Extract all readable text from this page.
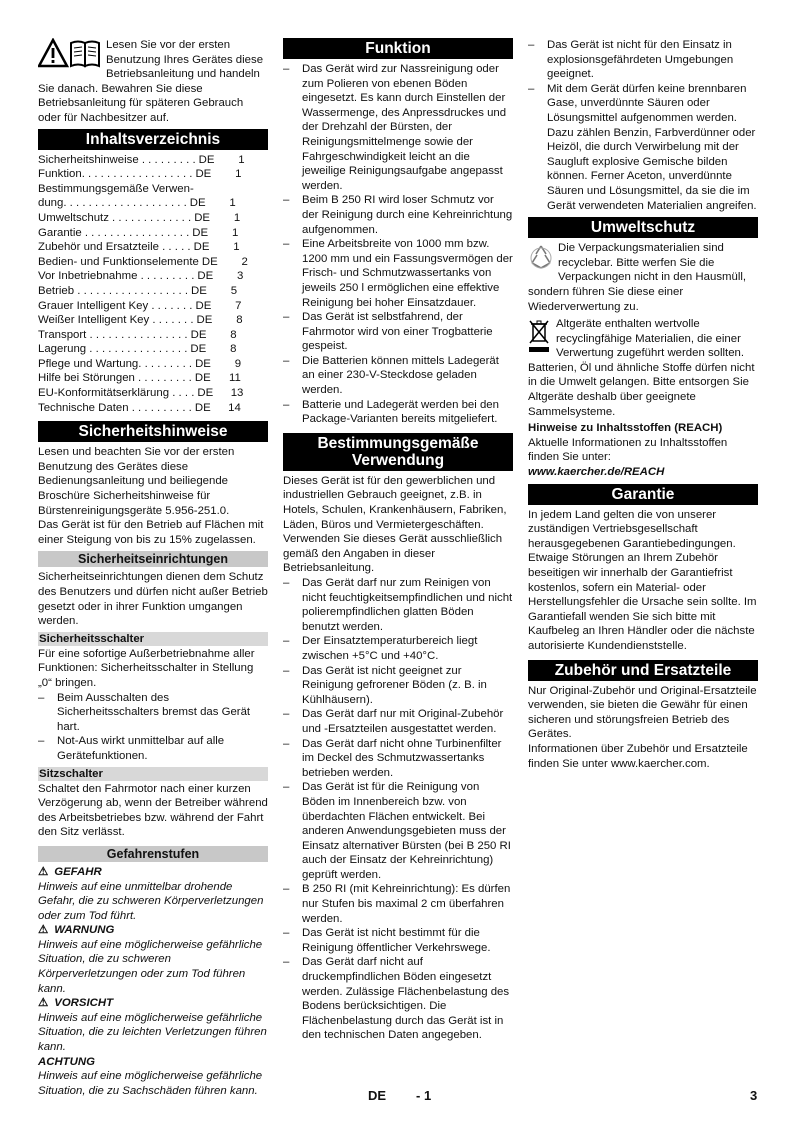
Lesen Sie vor der ersten Benutzung Ihres Gerätes diese Betriebsanleitung und handeln Sie danach. Bewahren Sie diese Betriebsanleitung für späteren Gebrauch oder für Nachbesitzer auf.

Inhaltsverzeichnis
Sicherheitshinweise . . . . . . . . . DE	1
Funktion. . . . . . . . . . . . . . . . . . DE	1
Bestimmungsgemäße Verwen-
dung. . . . . . . . . . . . . . . . . . . . DE	1
Umweltschutz . . . . . . . . . . . . . DE	1
Garantie . . . . . . . . . . . . . . . . . DE	1
Zubehör und Ersatzteile . . . . . DE	1
Bedien- und Funktionselemente DE	2
Vor Inbetriebnahme . . . . . . . . . DE	3
Betrieb . . . . . . . . . . . . . . . . . . DE	5
Grauer Intelligent Key . . . . . . . DE	7
Weißer Intelligent Key . . . . . . . DE	8
Transport . . . . . . . . . . . . . . . . DE	8
Lagerung . . . . . . . . . . . . . . . . DE	8
Pflege und Wartung. . . . . . . . . DE	9
Hilfe bei Störungen . . . . . . . . . DE	11
EU-Konformitätserklärung . . . . DE	13
Technische Daten . . . . . . . . . . DE	14
Sicherheitshinweise

Lesen und beachten Sie vor der ersten Benutzung des Gerätes diese Bedienungsanleitung und beiliegende Broschüre Sicherheitshinweise für Bürstenreinigungsgeräte 5.956-251.0.

Das Gerät ist für den Betrieb auf Flächen mit einer Steigung von bis zu 15% zugelassen.

Sicherheitseinrichtungen

Sicherheitseinrichtungen dienen dem Schutz des Benutzers und dürfen nicht außer Betrieb gesetzt oder in ihrer Funktion umgangen werden.

Sicherheitsschalter

Für eine sofortige Außerbetriebnahme aller Funktionen: Sicherheitsschalter in Stellung „0“ bringen.

– Beim Ausschalten des Sicherheitsschalters bremst das Gerät hart.
– Not-Aus wirkt unmittelbar auf alle Gerätefunktionen.
Sitzschalter

Schaltet den Fahrmotor nach einer kurzen Verzögerung ab, wenn der Betreiber während des Arbeitsbetriebes bzw. während der Fahrt den Sitz verlässt.

Gefahrenstufen
⚠ GEFAHR

Hinweis auf eine unmittelbar drohende Gefahr, die zu schweren Körperverletzungen oder zum Tod führt.

⚠ WARNUNG

Hinweis auf eine möglicherweise gefährliche Situation, die zu schweren Körperverletzungen oder zum Tod führen kann.

⚠ VORSICHT

Hinweis auf eine möglicherweise gefährliche Situation, die zu leichten Verletzungen führen kann.

ACHTUNG

Hinweis auf eine möglicherweise gefährliche Situation, die zu Sachschäden führen kann.

Funktion
– Das Gerät wird zur Nassreinigung oder zum Polieren von ebenen Böden eingesetzt. Es kann durch Einstellen der Wassermenge, des Anpressdruckes und der Drehzahl der Bürsten, der Reinigungsmittelmenge sowie der Fahrgeschwindigkeit leicht an die jeweilige Reinigungsaufgabe angepasst werden.
– Beim B 250 RI wird loser Schmutz vor der Reinigung durch eine Kehreinrichtung aufgenommen.
– Eine Arbeitsbreite von 1000 mm bzw. 1200 mm und ein Fassungsvermögen der Frisch- und Schmutzwassertanks von jeweils 250 l ermöglichen eine effektive Reinigung bei hoher Einsatzdauer.
– Das Gerät ist selbstfahrend, der Fahrmotor wird von einer Trogbatterie gespeist.
– Die Batterien können mittels Ladegerät an einer 230-V-Steckdose geladen werden.
– Batterie und Ladegerät werden bei den Package-Varianten bereits mitgeliefert.
Bestimmungsgemäße
Verwendung

Dieses Gerät ist für den gewerblichen und industriellen Gebrauch geeignet, z.B. in Hotels, Schulen, Krankenhäusern, Fabriken, Läden, Büros und Vermietergeschäften.

Verwenden Sie dieses Gerät ausschließlich gemäß den Angaben in dieser Betriebsanleitung.

– Das Gerät darf nur zum Reinigen von nicht feuchtigkeitsempfindlichen und nicht polierempfindlichen glatten Böden benutzt werden.
– Der Einsatztemperaturbereich liegt zwischen +5°C und +40°C.
– Das Gerät ist nicht geeignet zur Reinigung gefrorener Böden (z. B. in Kühlhäusern).
– Das Gerät darf nur mit Original-Zubehör und -Ersatzteilen ausgestattet werden.
– Das Gerät darf nicht ohne Turbinenfilter im Deckel des Schmutzwassertanks betrieben werden.
– Das Gerät ist für die Reinigung von Böden im Innenbereich bzw. von überdachten Flächen entwickelt. Bei anderen Anwendungsgebieten muss der Einsatz alternativer Bürsten (bei B 250 RI auch der Einsatz der Kehreinrichtung) geprüft werden.
– B 250 RI (mit Kehreinrichtung): Es dürfen nur Stufen bis maximal 2 cm überfahren werden.
– Das Gerät ist nicht bestimmt für die Reinigung öffentlicher Verkehrswege.
– Das Gerät darf nicht auf druckempfindlichen Böden eingesetzt werden. Zulässige Flächenbelastung des Bodens berücksichtigen. Die Flächenbelastung durch das Gerät ist in den technischen Daten angegeben.
– Das Gerät ist nicht für den Einsatz in explosionsgefährdeten Umgebungen geeignet.
– Mit dem Gerät dürfen keine brennbaren Gase, unverdünnte Säuren oder Lösungsmittel aufgenommen werden. Dazu zählen Benzin, Farbverdünner oder Heizöl, die durch Verwirbelung mit der Saugluft explosive Gemische bilden können. Ferner Aceton, unverdünnte Säuren und Lösungsmittel, da sie die im Gerät verwendeten Materialien angreifen.
Umweltschutz

Die Verpackungsmaterialien sind recyclebar. Bitte werfen Sie die Verpackungen nicht in den Hausmüll, sondern führen Sie diese einer Wiederverwertung zu.

Altgeräte enthalten wertvolle recyclingfähige Materialien, die einer Verwertung zugeführt werden sollten. Batterien, Öl und ähnliche Stoffe dürfen nicht in die Umwelt gelangen. Bitte entsorgen Sie Altgeräte deshalb über geeignete Sammelsysteme.

Hinweise zu Inhaltsstoffen (REACH)

Aktuelle Informationen zu Inhaltsstoffen finden Sie unter:

www.kaercher.de/REACH

Garantie

In jedem Land gelten die von unserer zuständigen Vertriebsgesellschaft herausgegebenen Garantiebedingungen. Etwaige Störungen an Ihrem Zubehör beseitigen wir innerhalb der Garantiefrist kostenlos, sofern ein Material- oder Herstellungsfehler die Ursache sein sollte. Im Garantiefall wenden Sie sich bitte mit Kaufbeleg an Ihren Händler oder die nächste autorisierte Kundendienststelle.

Zubehör und Ersatzteile

Nur Original-Zubehör und Original-Ersatzteile verwenden, sie bieten die Gewähr für einen sicheren und störungsfreien Betrieb des Gerätes.

Informationen über Zubehör und Ersatzteile finden Sie unter www.kaercher.com.

DE - 1	3
